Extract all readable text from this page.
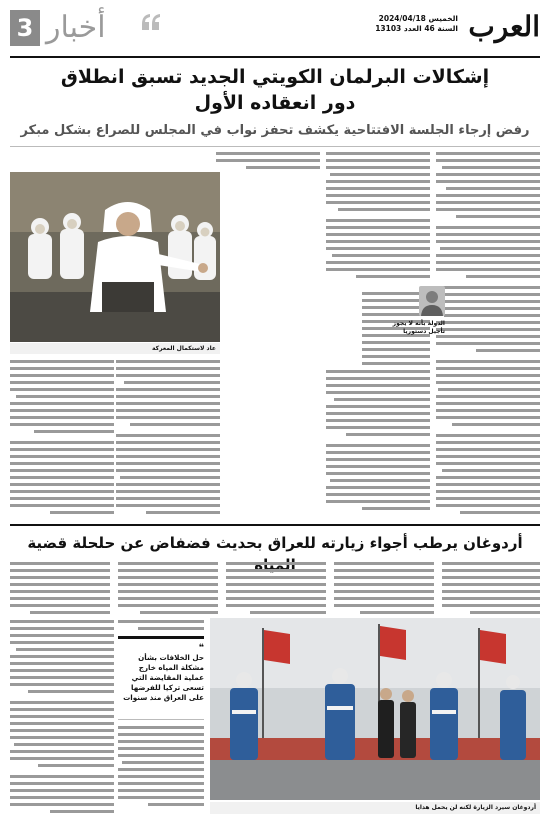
3 أخبار	العرب
الخميس 2024/04/18
السنة 46 العدد 13103
إشكالات البرلمان الكويتي الجديد تسبق انطلاق
دور انعقاده الأول
رفض إرجاء الجلسة الافتتاحية يكشف تحفز نواب في المجلس للصراع بشكل مبكر
الدولة بأنه لا يجوز تأجيل دستوريا
عاد لاستكمال المعركة
أردوغان يرطب أجواء زيارته للعراق بحديث فضفاض عن حلحلة قضية
❝
حل الخلافات بشأن مشكلة المياه خارج عملية المقايضة التي تسعى تركيا للفرضها على العراق منذ سنوات
أردوغان سيرد الزيارة لكنه لن يحمل هدايا
